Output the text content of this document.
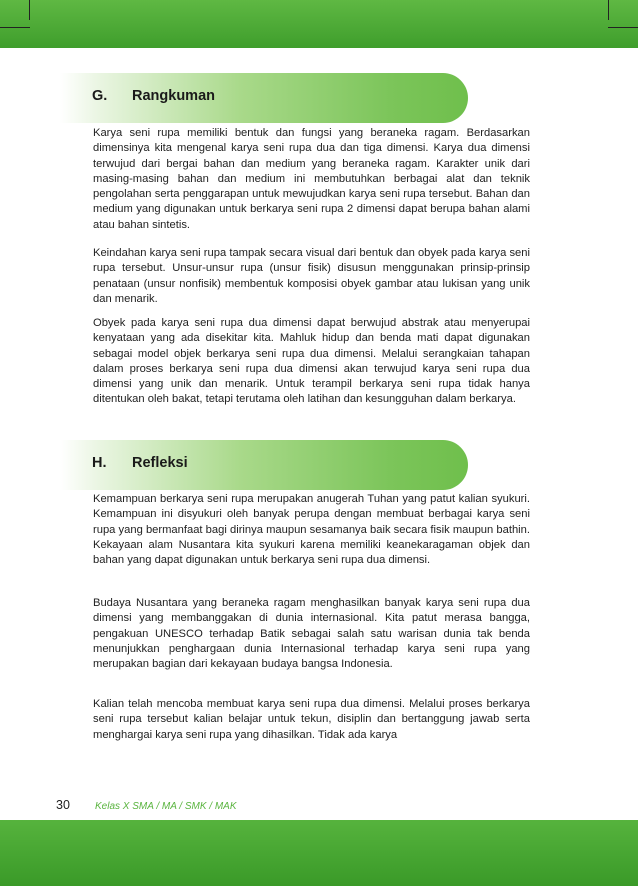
G. Rangkuman

Karya seni rupa memiliki bentuk dan fungsi yang beraneka ragam. Berdasarkan dimensinya kita mengenal karya seni rupa dua dan tiga dimensi. Karya dua dimensi terwujud dari bergai bahan dan medium yang beraneka ragam. Karakter unik dari masing-masing bahan dan medium ini membutuhkan berbagai alat dan teknik pengolahan serta penggarapan untuk mewujudkan karya seni rupa tersebut. Bahan dan medium yang digunakan untuk berkarya seni rupa 2 dimensi dapat berupa bahan alami atau bahan sintetis.

Keindahan karya seni rupa tampak secara visual dari bentuk dan obyek pada karya seni rupa tersebut. Unsur-unsur rupa (unsur fisik) disusun menggunakan prinsip-prinsip penataan (unsur nonfisik) membentuk komposisi obyek gambar atau lukisan yang unik dan menarik.

Obyek pada karya seni rupa dua dimensi dapat berwujud abstrak atau menyerupai kenyataan yang ada disekitar kita. Mahluk hidup dan benda mati dapat digunakan sebagai model objek berkarya seni rupa dua dimensi. Melalui serangkaian tahapan dalam proses berkarya seni rupa dua dimensi akan terwujud karya seni rupa dua dimensi yang unik dan menarik. Untuk terampil berkarya seni rupa tidak hanya ditentukan oleh bakat, tetapi terutama oleh latihan dan kesungguhan dalam berkarya.

H. Refleksi

Kemampuan berkarya seni rupa merupakan anugerah Tuhan yang patut kalian syukuri. Kemampuan ini disyukuri oleh banyak perupa dengan membuat berbagai karya seni rupa yang bermanfaat bagi dirinya maupun sesamanya baik secara fisik maupun bathin. Kekayaan alam Nusantara kita syukuri karena memiliki keanekaragaman objek dan bahan yang dapat digunakan untuk berkarya seni rupa dua dimensi.

Budaya Nusantara yang beraneka ragam menghasilkan banyak karya seni rupa dua dimensi yang membanggakan di dunia internasional. Kita patut merasa bangga, pengakuan UNESCO terhadap Batik sebagai salah satu warisan dunia tak benda menunjukkan penghargaan dunia Internasional terhadap karya seni rupa yang merupakan bagian dari kekayaan budaya bangsa Indonesia.

Kalian telah mencoba membuat karya seni rupa dua dimensi. Melalui proses berkarya seni rupa tersebut kalian belajar untuk tekun, disiplin dan bertanggung jawab serta menghargai karya seni rupa yang dihasilkan. Tidak ada karya

30	Kelas X SMA / MA / SMK / MAK
